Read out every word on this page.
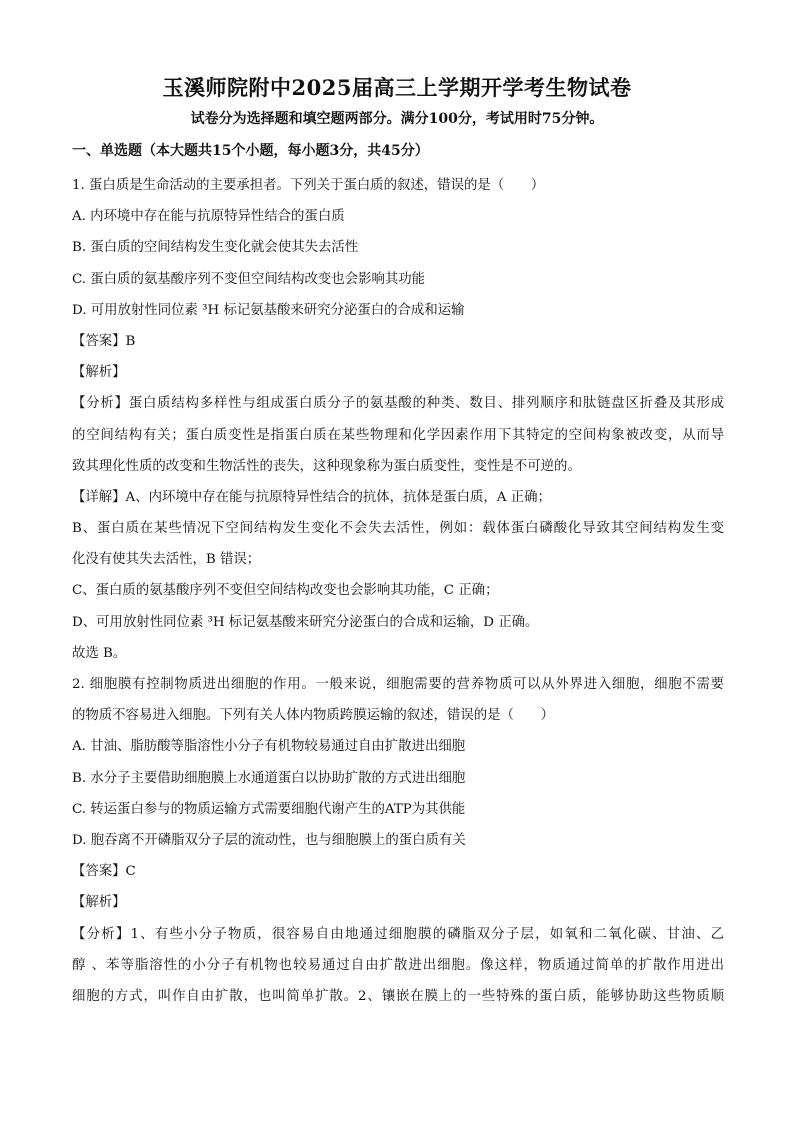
玉溪师院附中2025届高三上学期开学考生物试卷
试卷分为选择题和填空题两部分。满分100分，考试用时75分钟。
一、单选题（本大题共15个小题，每小题3分，共45分）
1. 蛋白质是生命活动的主要承担者。下列关于蛋白质的叙述，错误的是（　　）
A. 内环境中存在能与抗原特异性结合的蛋白质
B. 蛋白质的空间结构发生变化就会使其失去活性
C. 蛋白质的氨基酸序列不变但空间结构改变也会影响其功能
D. 可用放射性同位素 ³H 标记氨基酸来研究分泌蛋白的合成和运输
【答案】B
【解析】
【分析】蛋白质结构多样性与组成蛋白质分子的氨基酸的种类、数目、排列顺序和肽链盘区折叠及其形成
的空间结构有关；蛋白质变性是指蛋白质在某些物理和化学因素作用下其特定的空间构象被改变，从而导
致其理化性质的改变和生物活性的丧失，这种现象称为蛋白质变性，变性是不可逆的。
【详解】A、内环境中存在能与抗原特异性结合的抗体，抗体是蛋白质，A 正确；
B、蛋白质在某些情况下空间结构发生变化不会失去活性，例如：载体蛋白磷酸化导致其空间结构发生变
化没有使其失去活性，B 错误；
C、蛋白质的氨基酸序列不变但空间结构改变也会影响其功能，C 正确；
D、可用放射性同位素 ³H 标记氨基酸来研究分泌蛋白的合成和运输，D 正确。
故选 B。
2. 细胞膜有控制物质进出细胞的作用。一般来说，细胞需要的营养物质可以从外界进入细胞，细胞不需要
的物质不容易进入细胞。下列有关人体内物质跨膜运输的叙述，错误的是（　　）
A. 甘油、脂肪酸等脂溶性小分子有机物较易通过自由扩散进出细胞
B. 水分子主要借助细胞膜上水通道蛋白以协助扩散的方式进出细胞
C. 转运蛋白参与的物质运输方式需要细胞代谢产生的ATP为其供能
D. 胞吞离不开磷脂双分子层的流动性，也与细胞膜上的蛋白质有关
【答案】C
【解析】
【分析】1、有些小分子物质，很容易自由地通过细胞膜的磷脂双分子层，如氧和二氧化碳、甘油、乙
醇 、苯等脂溶性的小分子有机物也较易通过自由扩散进出细胞。像这样，物质通过简单的扩散作用进出
细胞的方式，叫作自由扩散，也叫简单扩散。2、镶嵌在膜上的一些特殊的蛋白质，能够协助这些物质顺
